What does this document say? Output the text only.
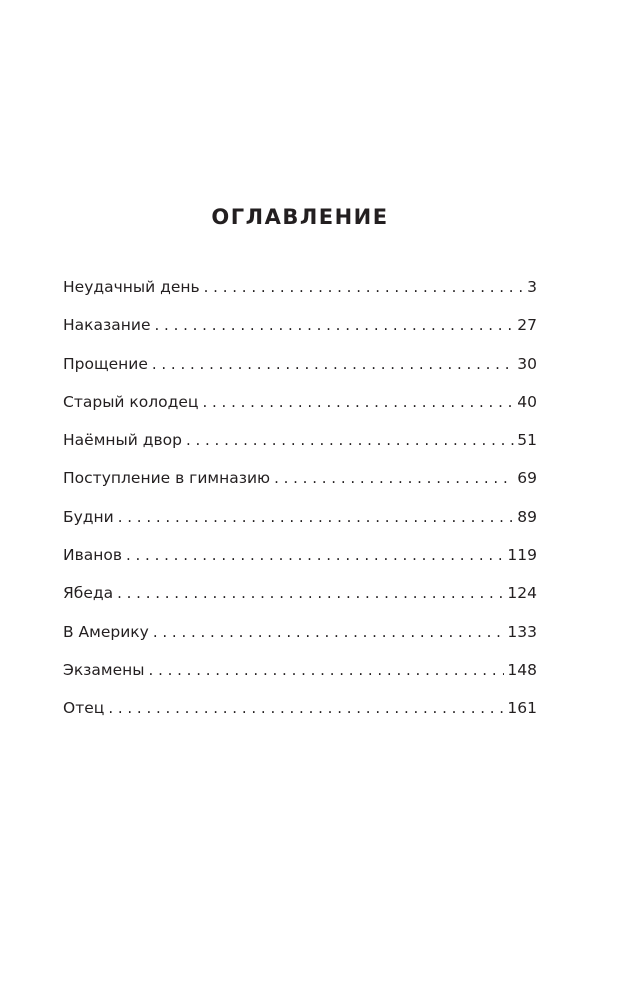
ОГЛАВЛЕНИЕ
Неудачный день . . .	3
Наказание . . .	27
Прощение . . .	30
Старый колодец . . .	40
Наёмный двор . . .	51
Поступление в гимназию . . .	69
Будни . . .	89
Иванов . . .	119
Ябеда . . .	124
В Америку . . .	133
Экзамены . . .	148
Отец . . .	161
